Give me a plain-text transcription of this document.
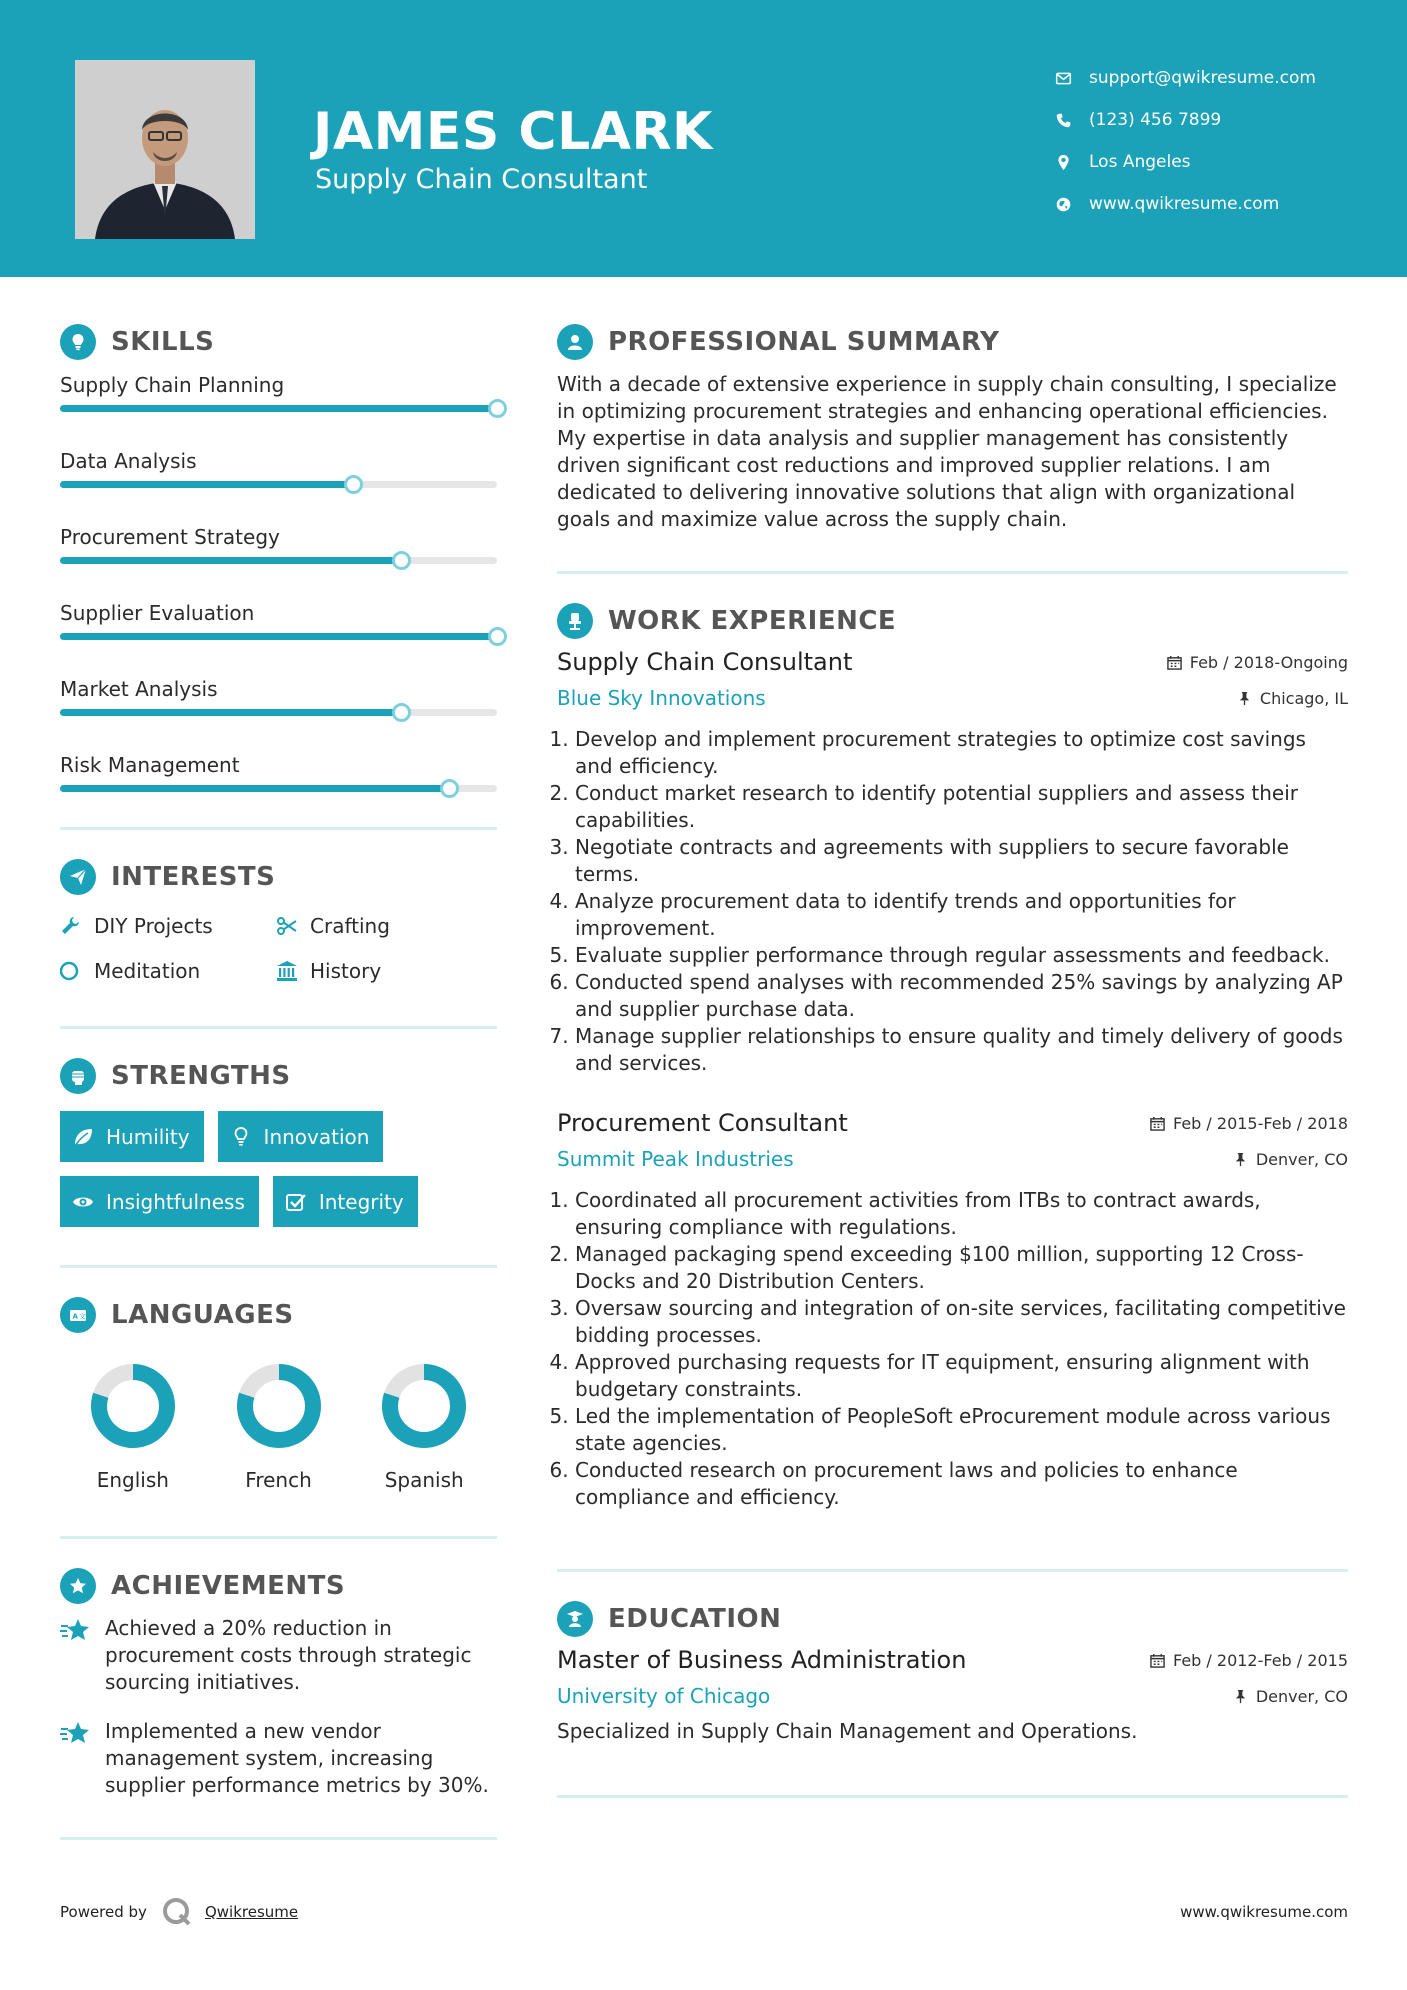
JAMES CLARK
Supply Chain Consultant
support@qwikresume.com
(123) 456 7899
Los Angeles
www.qwikresume.com
SKILLS
Supply Chain Planning
Data Analysis
Procurement Strategy
Supplier Evaluation
Market Analysis
Risk Management
INTERESTS
DIY Projects	Crafting
Meditation	History
STRENGTHS
Humility	Innovation
Insightfulness	Integrity
A 文 LANGUAGES
English	French	Spanish
ACHIEVEMENTS
Achieved a 20% reduction in procurement costs through strategic sourcing initiatives.
Implemented a new vendor management system, increasing supplier performance metrics by 30%.
PROFESSIONAL SUMMARY
With a decade of extensive experience in supply chain consulting, I specialize in optimizing procurement strategies and enhancing operational efficiencies. My expertise in data analysis and supplier management has consistently driven significant cost reductions and improved supplier relations. I am dedicated to delivering innovative solutions that align with organizational goals and maximize value across the supply chain.
WORK EXPERIENCE
Supply Chain Consultant	Feb / 2018-Ongoing
Blue Sky Innovations	Chicago, IL
1. Develop and implement procurement strategies to optimize cost savings and efficiency.
2. Conduct market research to identify potential suppliers and assess their capabilities.
3. Negotiate contracts and agreements with suppliers to secure favorable terms.
4. Analyze procurement data to identify trends and opportunities for improvement.
5. Evaluate supplier performance through regular assessments and feedback.
6. Conducted spend analyses with recommended 25% savings by analyzing AP and supplier purchase data.
7. Manage supplier relationships to ensure quality and timely delivery of goods and services.
Procurement Consultant	Feb / 2015-Feb / 2018
Summit Peak Industries	Denver, CO
1. Coordinated all procurement activities from ITBs to contract awards, ensuring compliance with regulations.
2. Managed packaging spend exceeding $100 million, supporting 12 Cross-Docks and 20 Distribution Centers.
3. Oversaw sourcing and integration of on-site services, facilitating competitive bidding processes.
4. Approved purchasing requests for IT equipment, ensuring alignment with budgetary constraints.
5. Led the implementation of PeopleSoft eProcurement module across various state agencies.
6. Conducted research on procurement laws and policies to enhance compliance and efficiency.
EDUCATION
Master of Business Administration	Feb / 2012-Feb / 2015
University of Chicago	Denver, CO
Specialized in Supply Chain Management and Operations.
Powered by	Qwikresume	www.qwikresume.com
